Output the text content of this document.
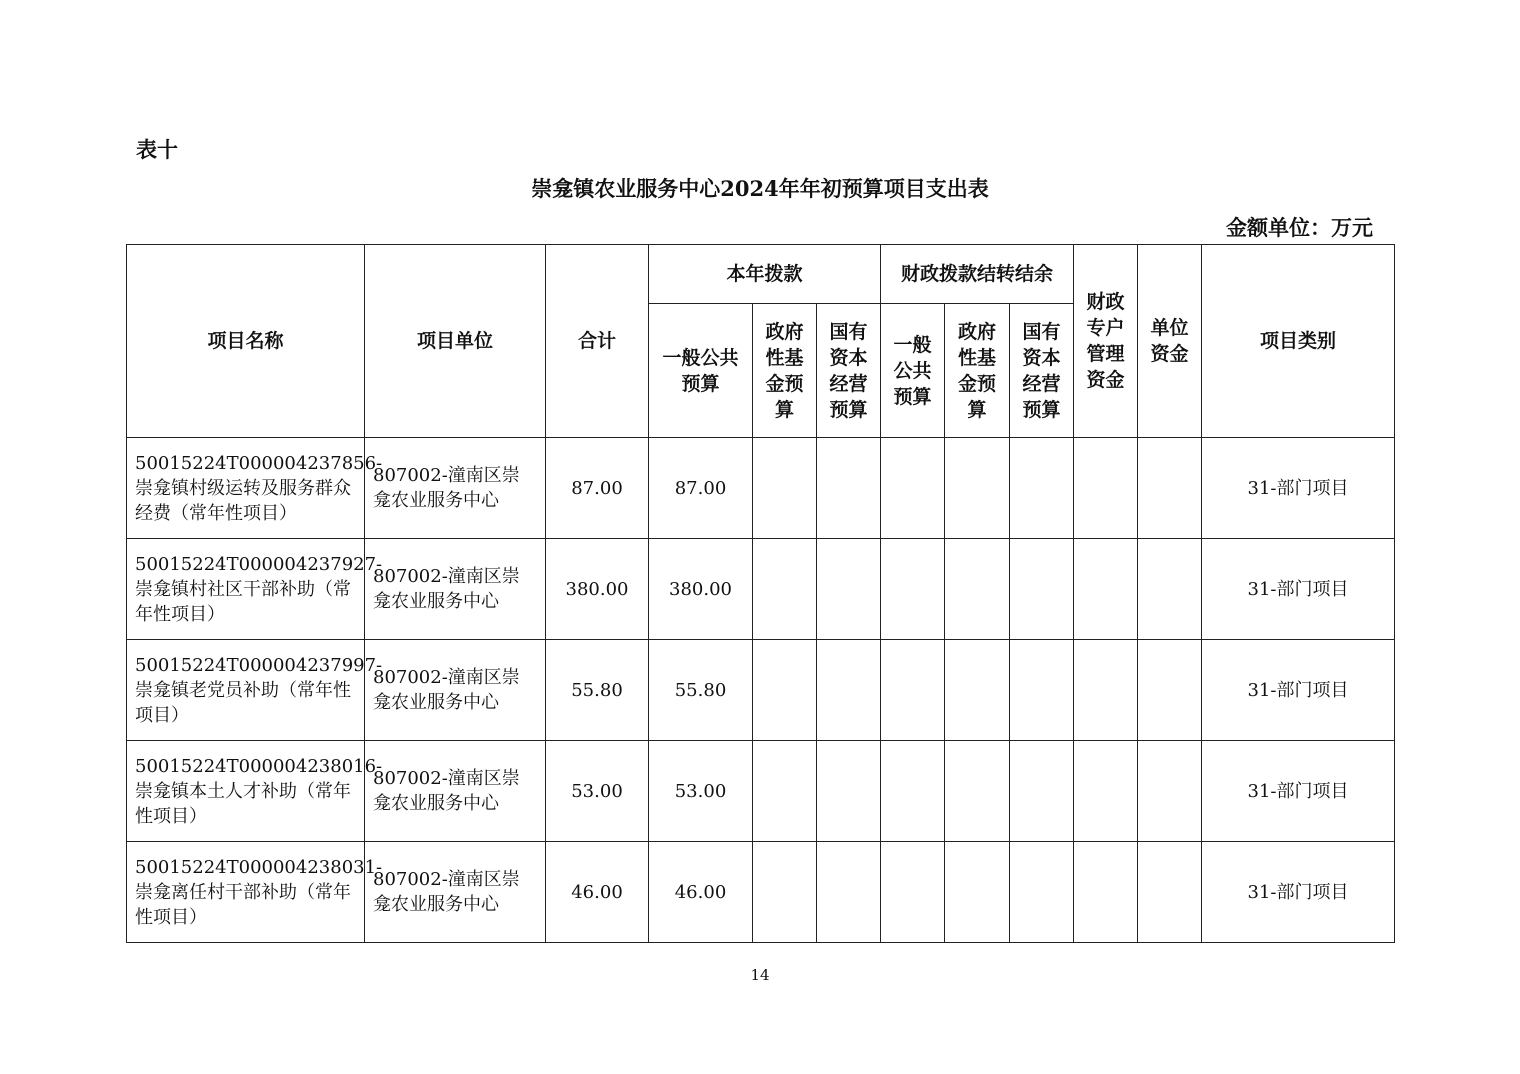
表十
崇龛镇农业服务中心2024年年初预算项目支出表
金额单位：万元
项目名称	项目单位	合计	本年拨款			财政拨款结转结余			财政专户管理资金	单位资金	项目类别
			一般公共预算	政府性基金预算	国有资本经营预算	一般公共预算	政府性基金预算	国有资本经营预算			
50015224T000004237856-崇龛镇村级运转及服务群众经费（常年性项目）	807002-潼南区崇龛农业服务中心	87.00	87.00								31-部门项目
50015224T000004237927-崇龛镇村社区干部补助（常年性项目）	807002-潼南区崇龛农业服务中心	380.00	380.00								31-部门项目
50015224T000004237997-崇龛镇老党员补助（常年性项目）	807002-潼南区崇龛农业服务中心	55.80	55.80								31-部门项目
50015224T000004238016-崇龛镇本土人才补助（常年性项目）	807002-潼南区崇龛农业服务中心	53.00	53.00								31-部门项目
50015224T000004238031-崇龛离任村干部补助（常年性项目）	807002-潼南区崇龛农业服务中心	46.00	46.00								31-部门项目
14
